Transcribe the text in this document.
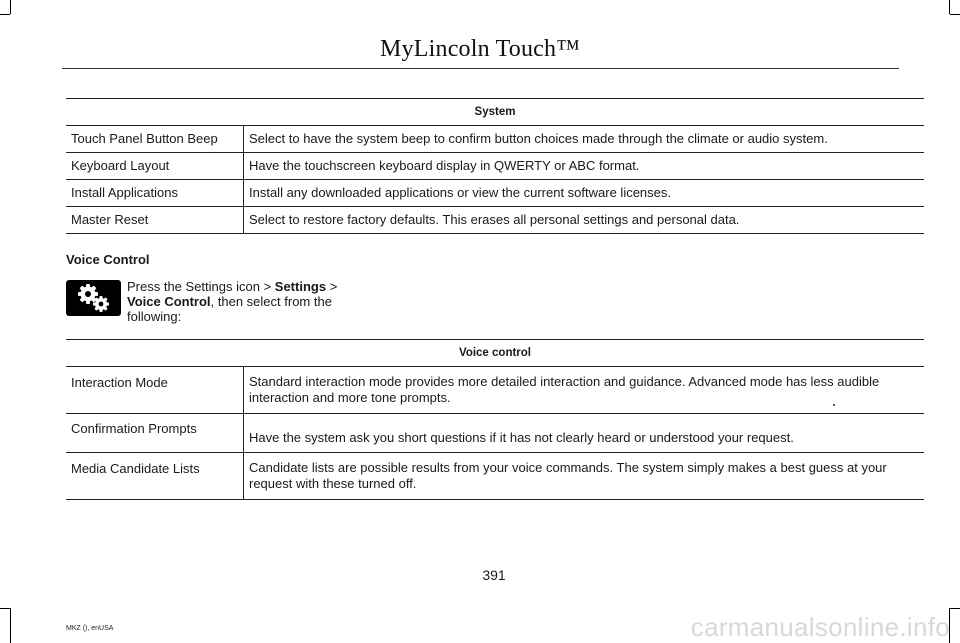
MyLincoln Touch™
System	
Touch Panel Button Beep	Select to have the system beep to confirm button choices made through the climate or audio system.
Keyboard Layout	Have the touchscreen keyboard display in QWERTY or ABC format.
Install Applications	Install any downloaded applications or view the current software licenses.
Master Reset	Select to restore factory defaults. This erases all personal settings and personal data.
Voice Control
Press the Settings icon > Settings > Voice Control, then select from the following:
Voice control	
Interaction Mode	Standard interaction mode provides more detailed interaction and guidance. Advanced mode has less audible interaction and more tone prompts.
Confirmation Prompts	Have the system ask you short questions if it has not clearly heard or understood your request.
Media Candidate Lists	Candidate lists are possible results from your voice commands. The system simply makes a best guess at your request with these turned off.
391
MKZ (), enUSA	carmanualsonline.info
